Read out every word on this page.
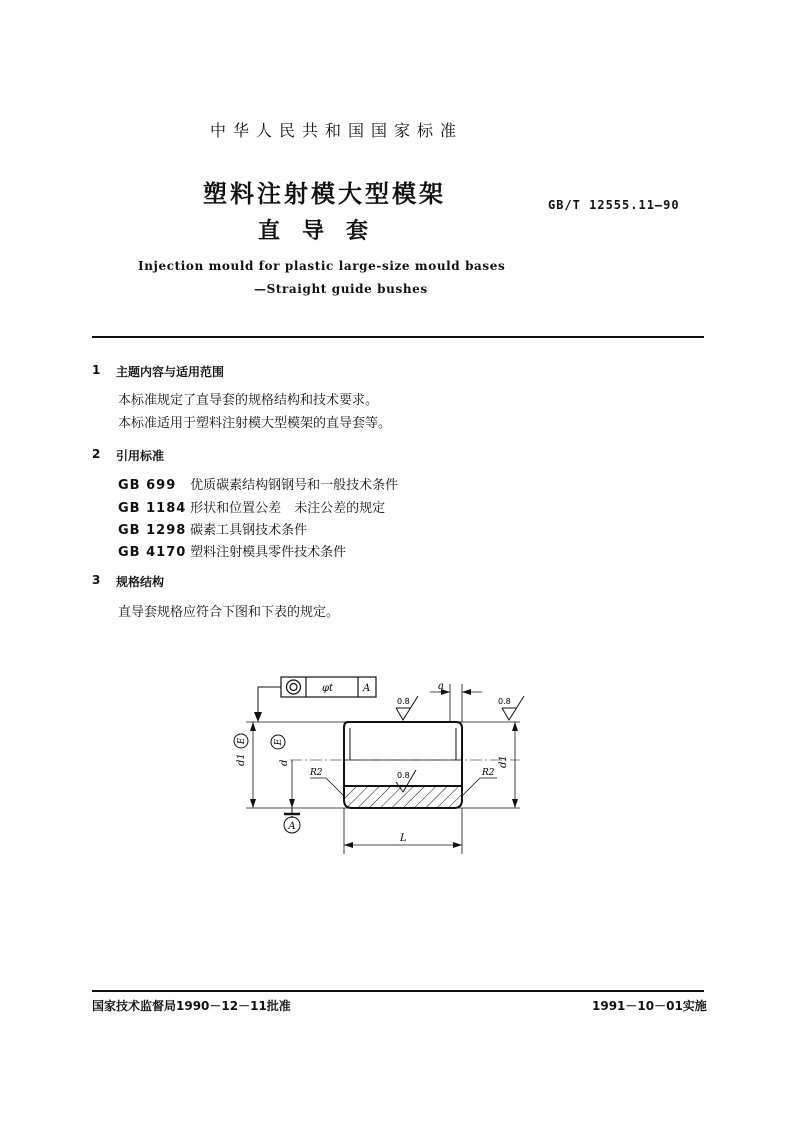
中华人民共和国国家标准
塑料注射模大型模架
直　导　套
GB/T 12555.11—90
Injection mould for plastic large-size mould bases
—Straight guide bushes
1 主题内容与适用范围
本标准规定了直导套的规格结构和技术要求。
本标准适用于塑料注射模大型模架的直导套等。
2 引用标准
GB 699 优质碳素结构钢钢号和一般技术条件
GB 1184 形状和位置公差　未注公差的规定
GB 1298 碳素工具钢技术条件
GB 4170 塑料注射模具零件技术条件
3 规格结构
直导套规格应符合下图和下表的规定。
φt	A
E
d1
E
d
A
R2	R2
0.8	0.8
0.8
a
d1
L
国家技术监督局1990－12－11批准	1991－10－01实施
